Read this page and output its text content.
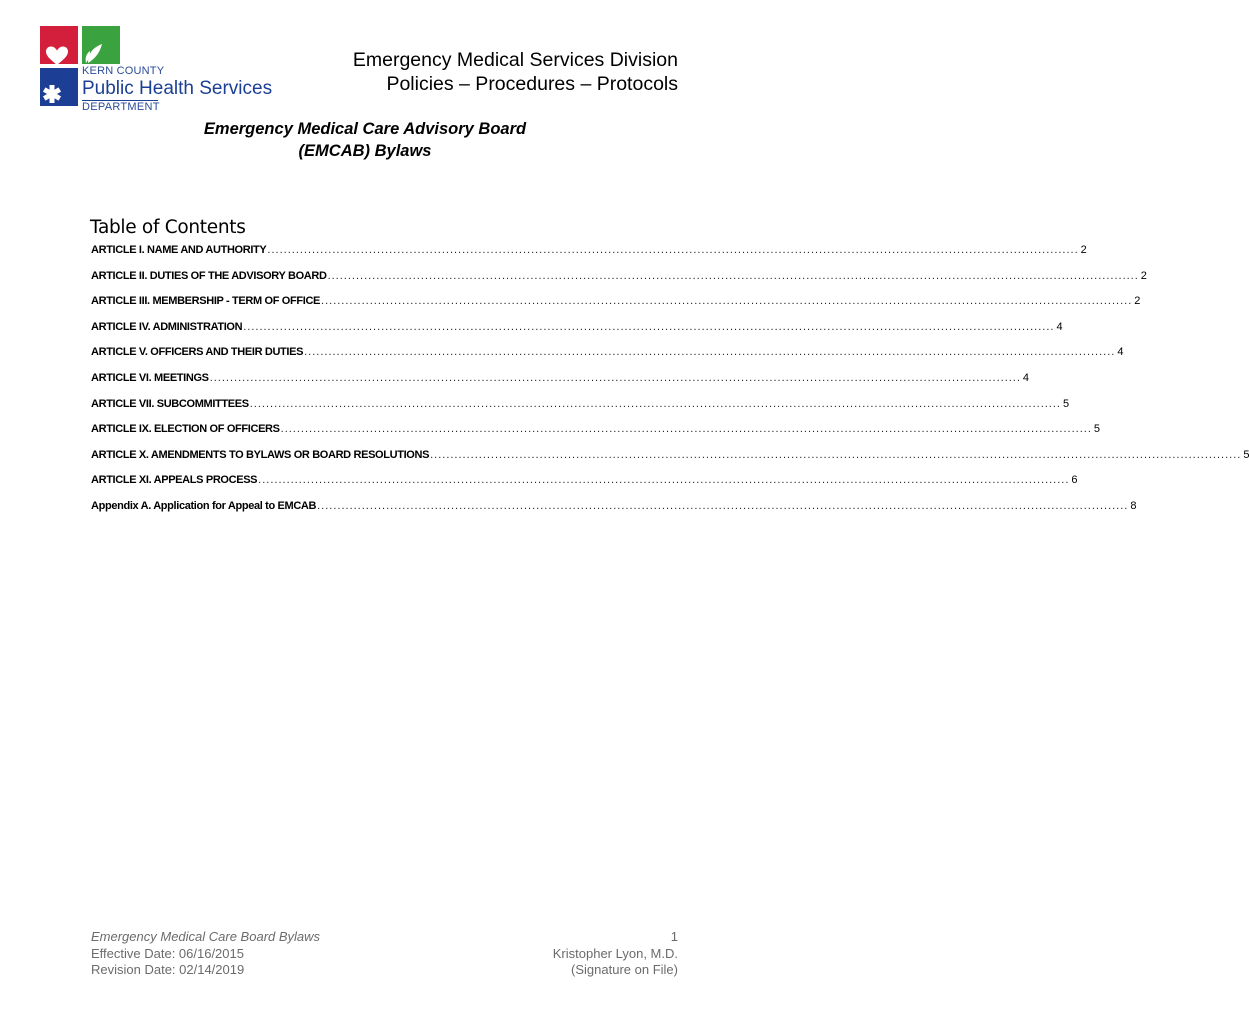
KERN COUNTY
Public Health Services
DEPARTMENT
Emergency Medical Services Division
Policies – Procedures – Protocols
Emergency Medical Care Advisory Board
(EMCAB) Bylaws
Table of Contents
ARTICLE I. NAME AND AUTHORITY ........................................................................................................................................................................................................ 2
ARTICLE II. DUTIES OF THE ADVISORY BOARD ........................................................................................................................................................................................................ 2
ARTICLE III. MEMBERSHIP - TERM OF OFFICE ........................................................................................................................................................................................................ 2
ARTICLE IV. ADMINISTRATION ........................................................................................................................................................................................................ 4
ARTICLE V. OFFICERS AND THEIR DUTIES ........................................................................................................................................................................................................ 4
ARTICLE VI. MEETINGS ........................................................................................................................................................................................................ 4
ARTICLE VII. SUBCOMMITTEES ........................................................................................................................................................................................................ 5
ARTICLE IX. ELECTION OF OFFICERS ........................................................................................................................................................................................................ 5
ARTICLE X. AMENDMENTS TO BYLAWS OR BOARD RESOLUTIONS ........................................................................................................................................................................................................ 5
ARTICLE XI. APPEALS PROCESS ........................................................................................................................................................................................................ 6
Appendix A. Application for Appeal to EMCAB ........................................................................................................................................................................................................ 8
Emergency Medical Care Board Bylaws
Effective Date: 06/16/2015
Revision Date: 02/14/2019
1
Kristopher Lyon, M.D.
(Signature on File)
